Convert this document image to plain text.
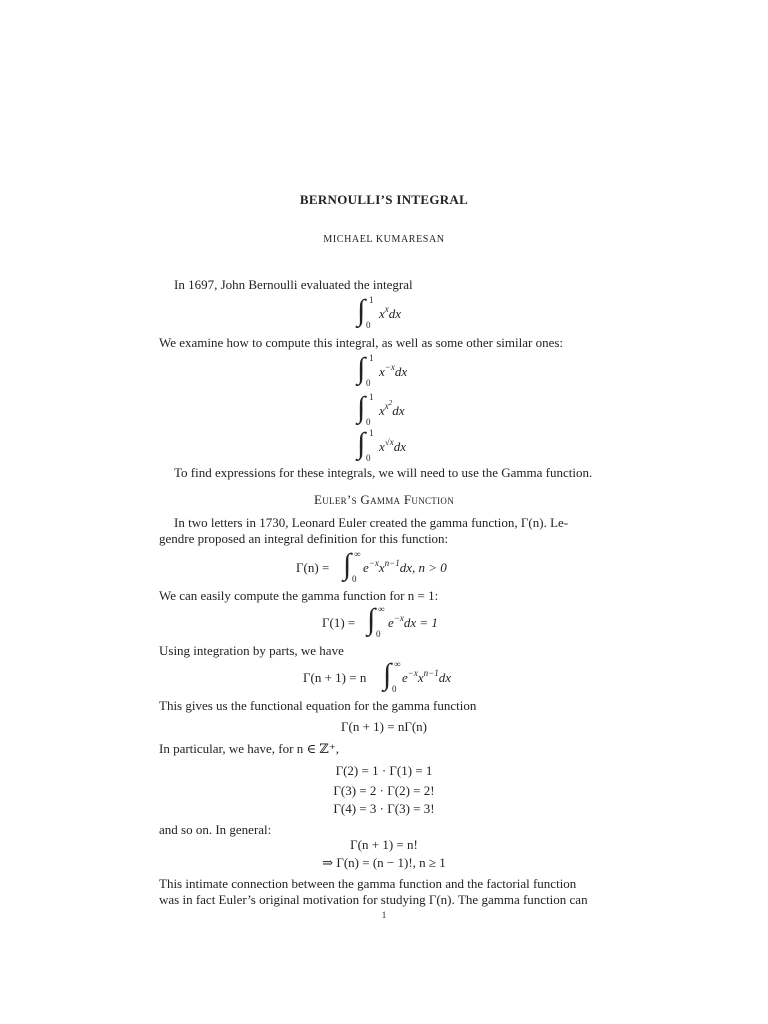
BERNOULLI’S INTEGRAL
MICHAEL KUMARESAN
In 1697, John Bernoulli evaluated the integral
∫ 1
0
$x^xdx$
We examine how to compute this integral, as well as some other similar ones:
∫ 1
0
$x^{-x}dx$
∫ 1
0
$x^{x^2}dx$
∫ 1
0
$x^{√x}dx$
To find expressions for these integrals, we will need to use the Gamma function.
Euler’s Gamma Function
In two letters in 1730, Leonard Euler created the gamma function, Γ(n). Le-
gendre proposed an integral definition for this function:
Γ(n) = ∫ ∞
0
$e^{-x}x^{n-1}dx$, n > 0
We can easily compute the gamma function for n = 1:
Γ(1) = ∫ ∞
0
$e^{-x}dx = 1$
Using integration by parts, we have
Γ(n + 1) = n ∫ ∞
0
$e^{-x}x^{n-1}dx$
This gives us the functional equation for the gamma function
Γ(n + 1) = nΓ(n)
In particular, we have, for n ∈ ℤ⁺,
Γ(2) = 1 · Γ(1) = 1
Γ(3) = 2 · Γ(2) = 2!
Γ(4) = 3 · Γ(3) = 3!
and so on. In general:
Γ(n + 1) = n!
⇒ Γ(n) = (n − 1)!, n ≥ 1
This intimate connection between the gamma function and the factorial function
was in fact Euler’s original motivation for studying Γ(n). The gamma function can
1
